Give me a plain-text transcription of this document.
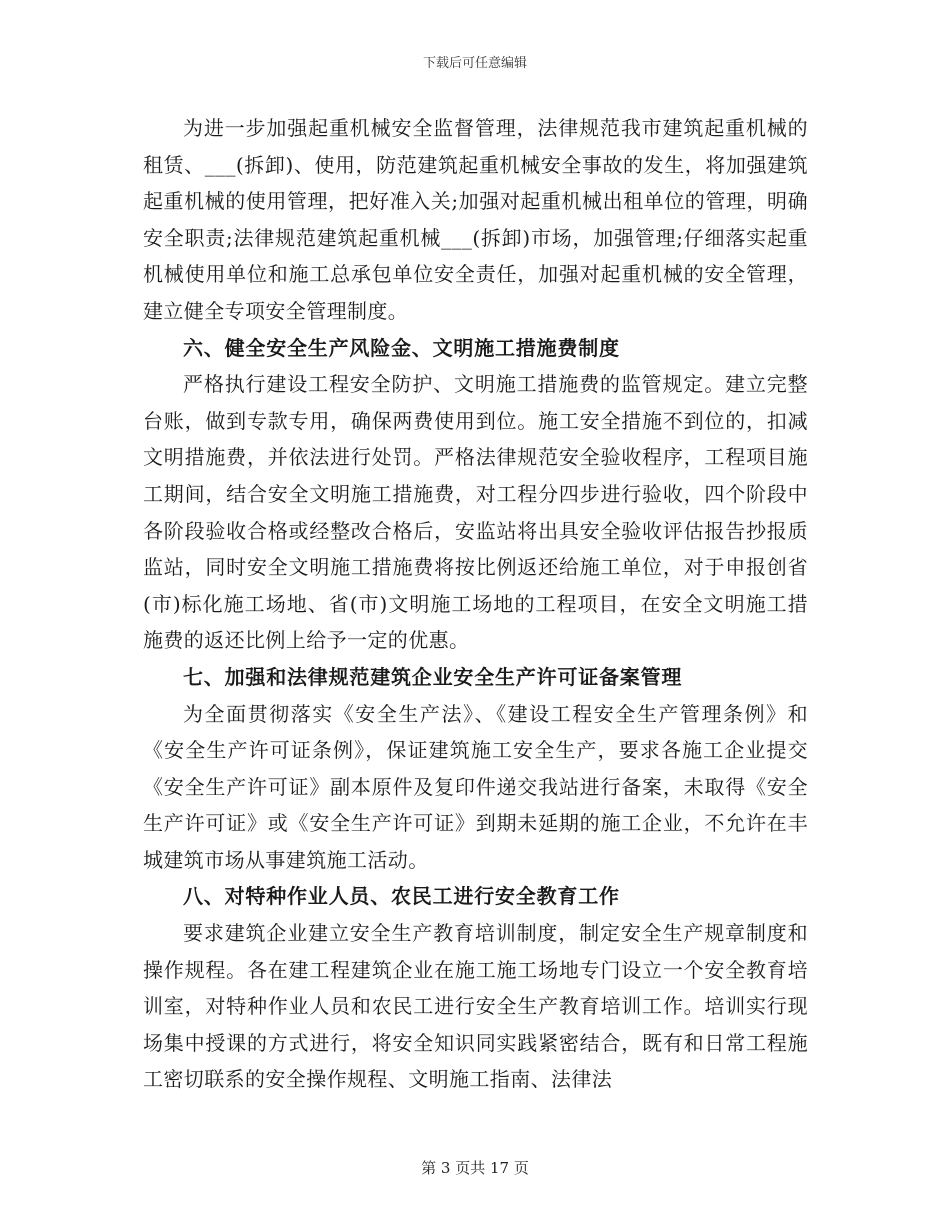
下载后可任意编辑

为进一步加强起重机械安全监督管理，法律规范我市建筑起重机械的租赁、___(拆卸)、使用，防范建筑起重机械安全事故的发生，将加强建筑起重机械的使用管理，把好准入关;加强对起重机械出租单位的管理，明确安全职责;法律规范建筑起重机械___(拆卸)市场，加强管理;仔细落实起重机械使用单位和施工总承包单位安全责任，加强对起重机械的安全管理，建立健全专项安全管理制度。

六、健全安全生产风险金、文明施工措施费制度

严格执行建设工程安全防护、文明施工措施费的监管规定。建立完整台账，做到专款专用，确保两费使用到位。施工安全措施不到位的，扣减文明措施费，并依法进行处罚。严格法律规范安全验收程序，工程项目施工期间，结合安全文明施工措施费，对工程分四步进行验收，四个阶段中各阶段验收合格或经整改合格后，安监站将出具安全验收评估报告抄报质监站，同时安全文明施工措施费将按比例返还给施工单位，对于申报创省(市)标化施工场地、省(市)文明施工场地的工程项目，在安全文明施工措施费的返还比例上给予一定的优惠。

七、加强和法律规范建筑企业安全生产许可证备案管理

为全面贯彻落实《安全生产法》、《建设工程安全生产管理条例》和《安全生产许可证条例》，保证建筑施工安全生产，要求各施工企业提交《安全生产许可证》副本原件及复印件递交我站进行备案，未取得《安全生产许可证》或《安全生产许可证》到期未延期的施工企业，不允许在丰城建筑市场从事建筑施工活动。

八、对特种作业人员、农民工进行安全教育工作

要求建筑企业建立安全生产教育培训制度，制定安全生产规章制度和操作规程。各在建工程建筑企业在施工施工场地专门设立一个安全教育培训室，对特种作业人员和农民工进行安全生产教育培训工作。培训实行现场集中授课的方式进行，将安全知识同实践紧密结合，既有和日常工程施工密切联系的安全操作规程、文明施工指南、法律法

第 3 页共 17 页
